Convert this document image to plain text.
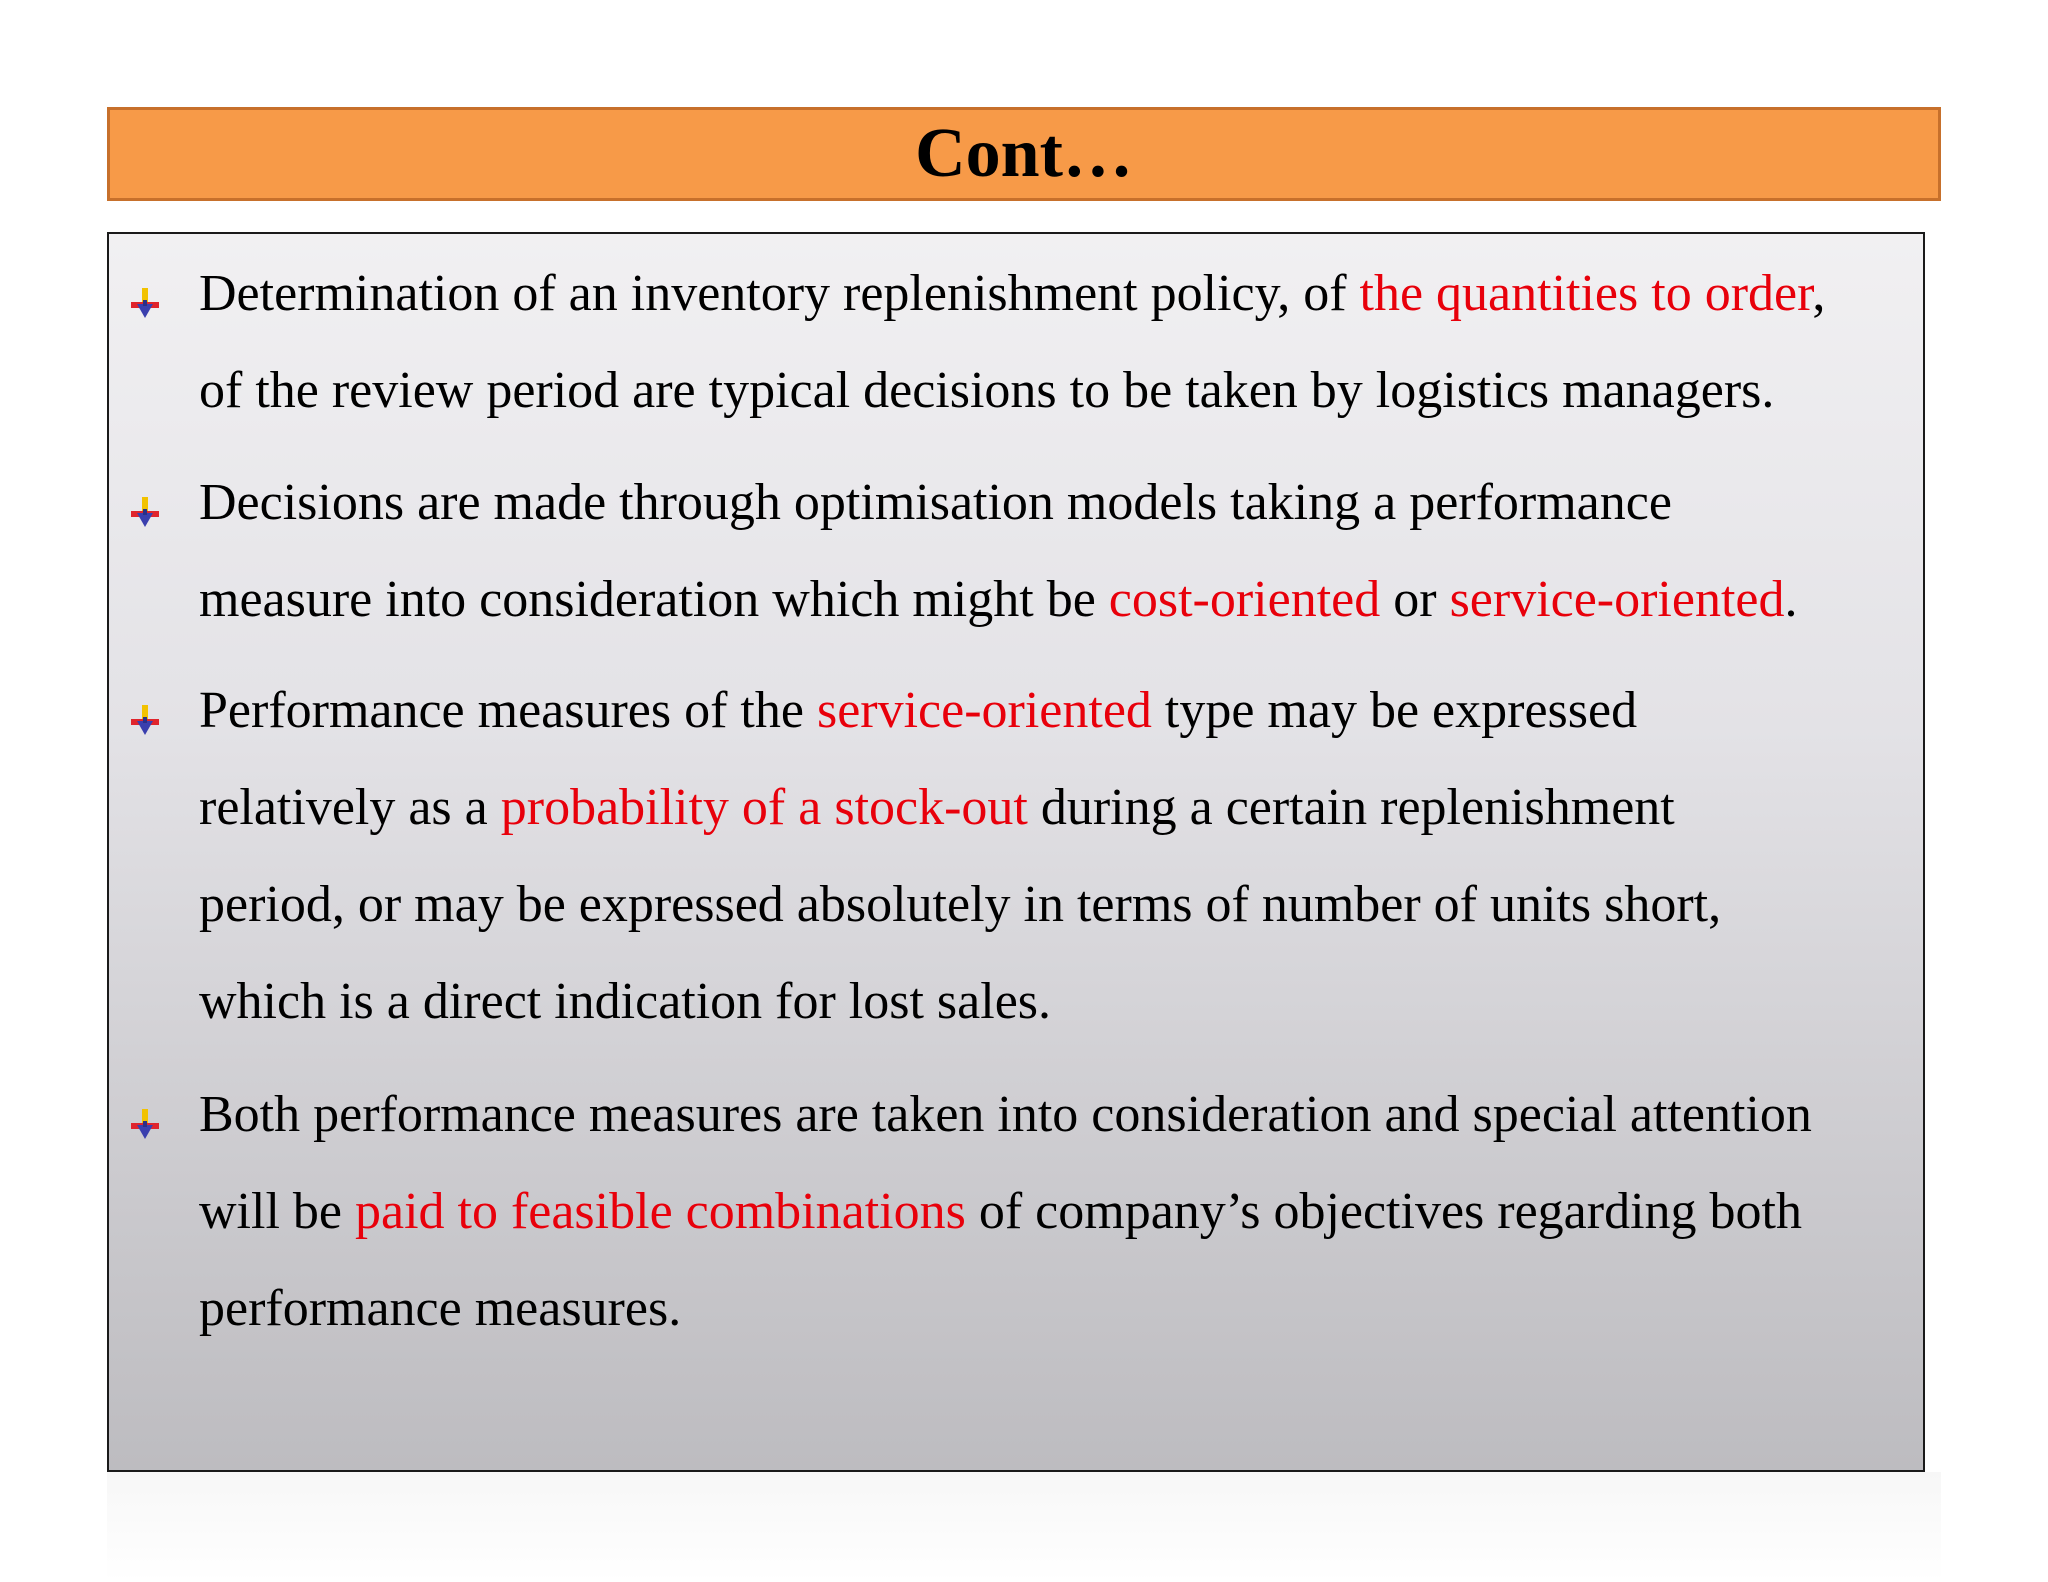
Cont…
Determination of an inventory replenishment policy, of the quantities to order,
of the review period are typical decisions to be taken by logistics managers.
Decisions are made through optimisation models taking a performance
measure into consideration which might be cost-oriented or service-oriented.
Performance measures of the service-oriented type may be expressed
relatively as a probability of a stock-out during a certain replenishment
period, or may be expressed absolutely in terms of number of units short,
which is a direct indication for lost sales.
Both performance measures are taken into consideration and special attention
will be paid to feasible combinations of company’s objectives regarding both
performance measures.
